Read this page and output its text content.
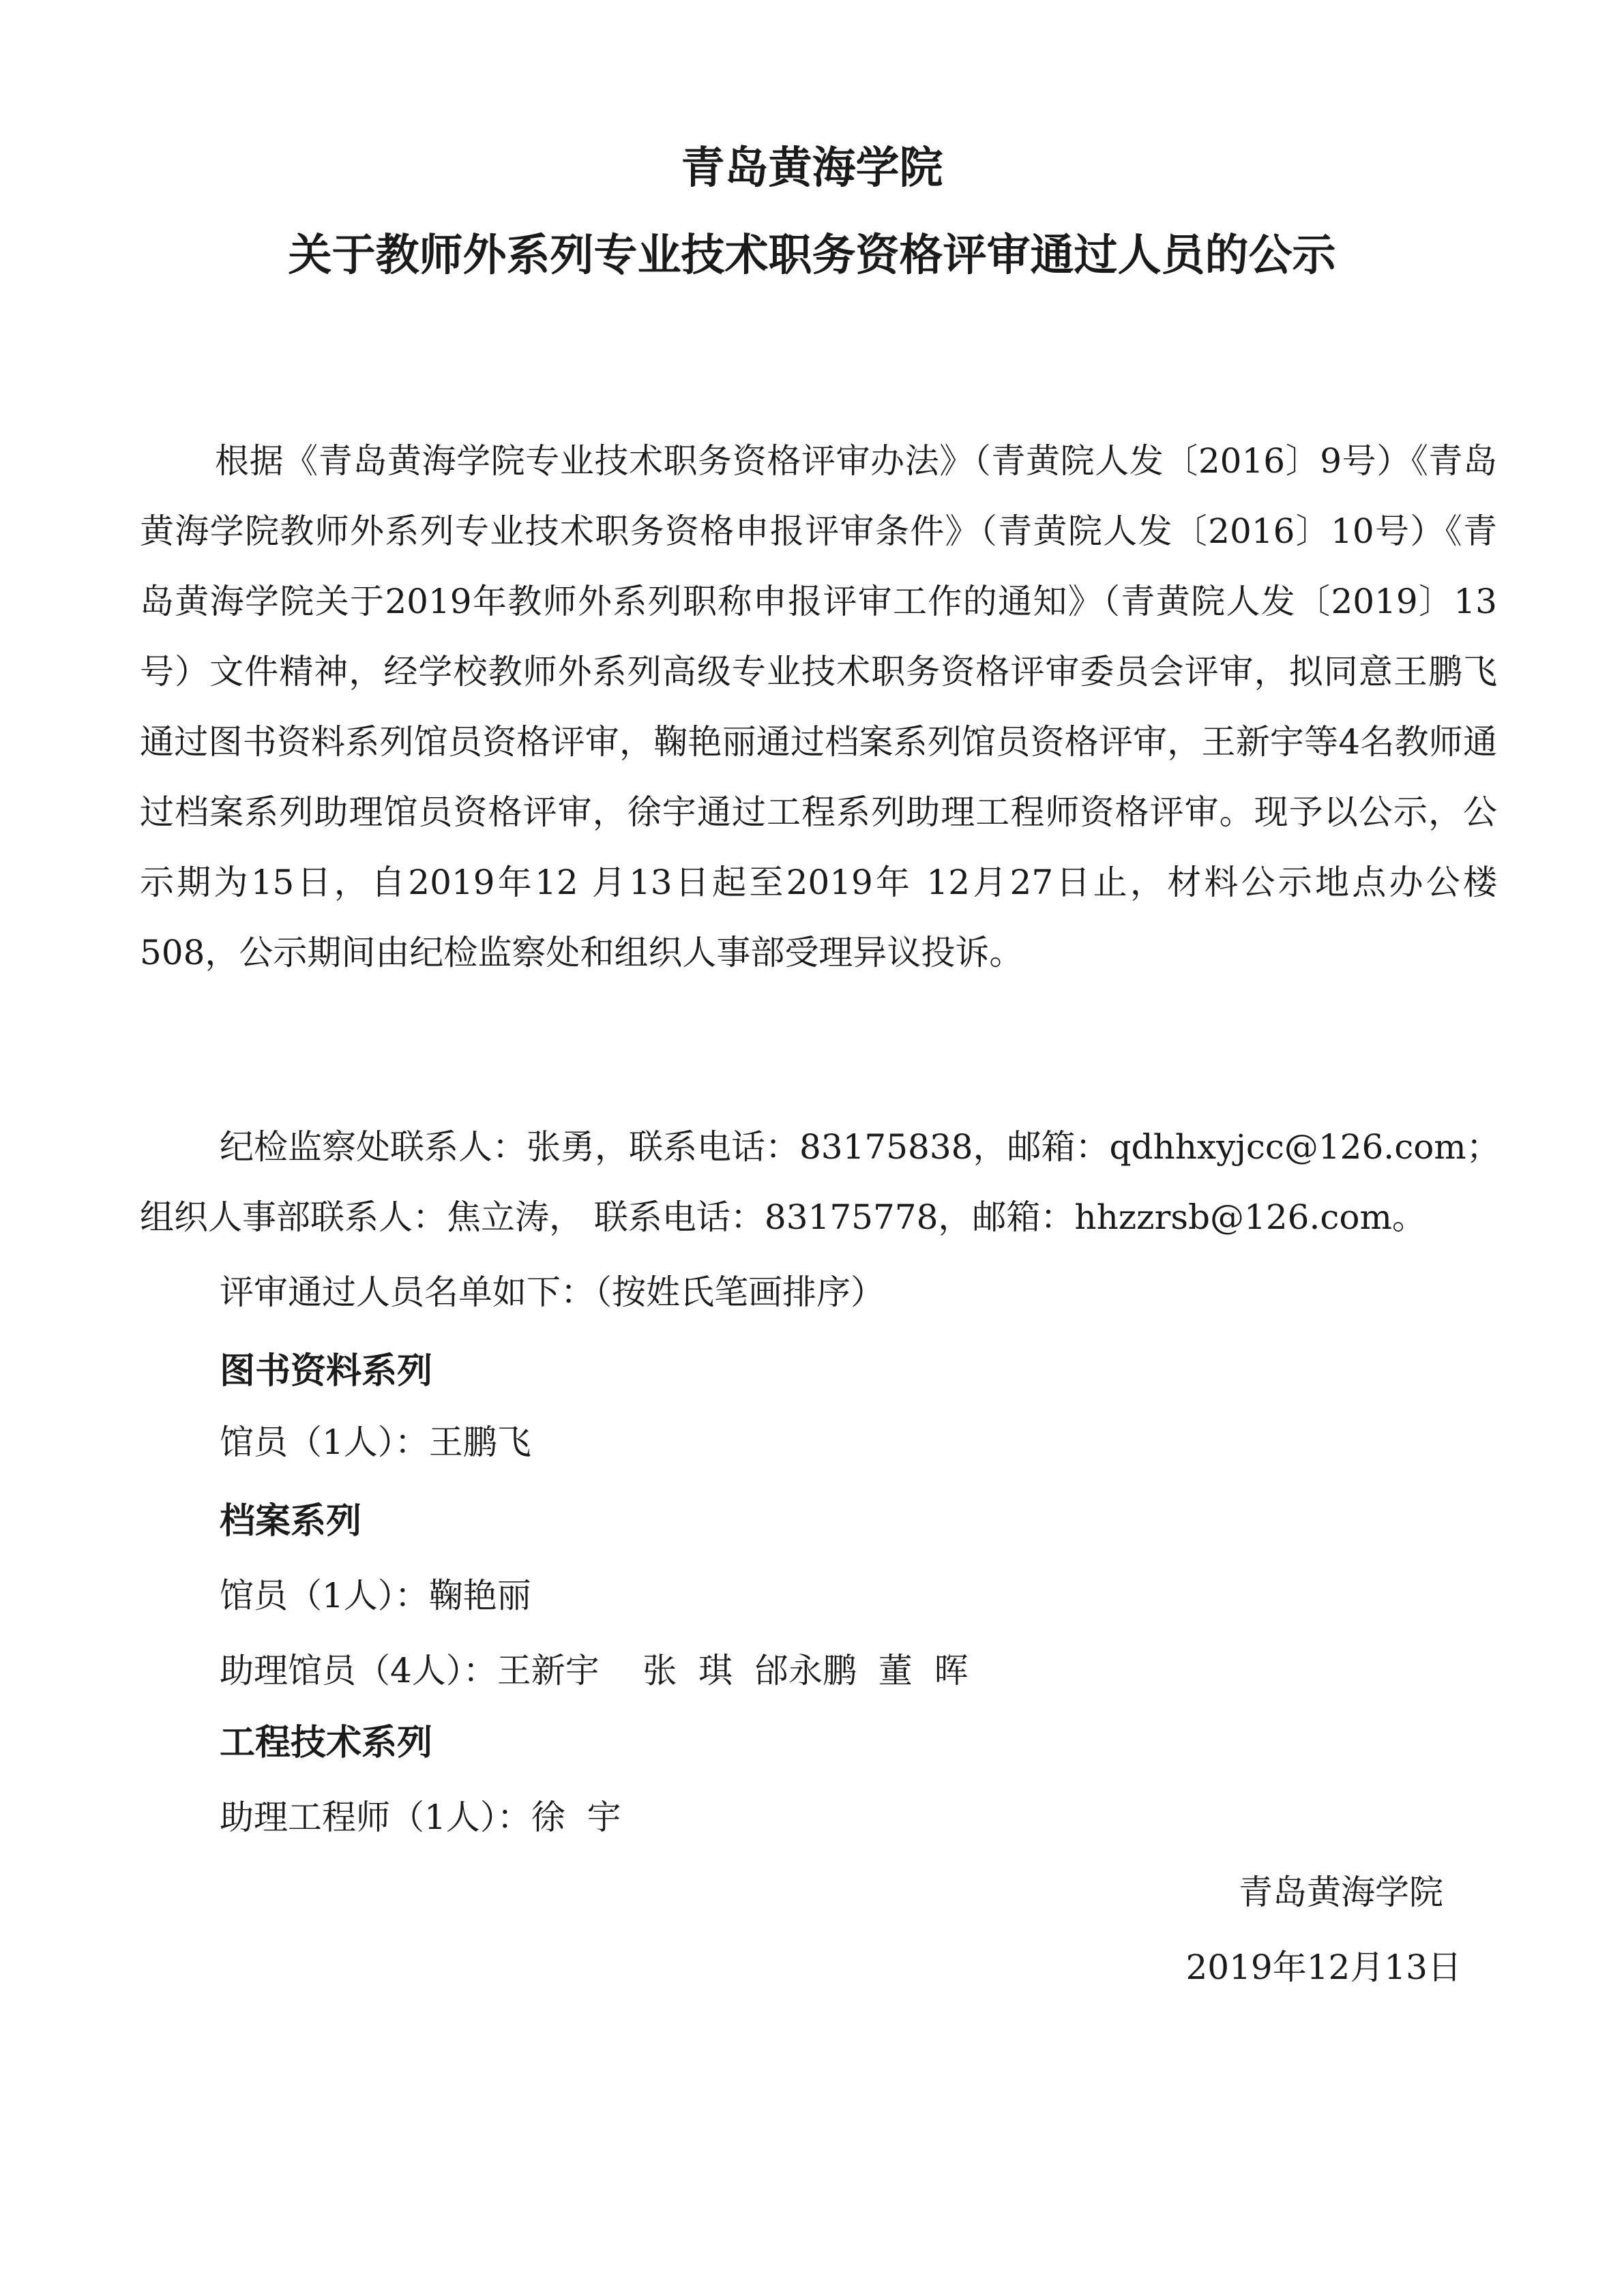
青岛黄海学院
关于教师外系列专业技术职务资格评审通过人员的公示

根据《青岛黄海学院专业技术职务资格评审办法》（青黄院人发〔2016〕9号）《青岛黄海学院教师外系列专业技术职务资格申报评审条件》（青黄院人发〔2016〕10号）《青岛黄海学院关于2019年教师外系列职称申报评审工作的通知》（青黄院人发〔2019〕13号）文件精神，经学校教师外系列高级专业技术职务资格评审委员会评审，拟同意王鹏飞通过图书资料系列馆员资格评审，鞠艳丽通过档案系列馆员资格评审，王新宇等4名教师通过档案系列助理馆员资格评审，徐宇通过工程系列助理工程师资格评审。现予以公示，公示期为15日，自2019年12 月13日起至2019年 12月27日止，材料公示地点办公楼508，公示期间由纪检监察处和组织人事部受理异议投诉。

纪检监察处联系人：张勇，联系电话：83175838，邮箱：qdhhxyjcc@126.com；
组织人事部联系人：焦立涛， 联系电话：83175778，邮箱：hhzzrsb@126.com。
评审通过人员名单如下：（按姓氏笔画排序）
图书资料系列
馆员（1人）：王鹏飞
档案系列
馆员（1人）：鞠艳丽
助理馆员（4人）：王新宇    张  琪  邰永鹏  董  晖
工程技术系列
助理工程师（1人）：徐  宇
青岛黄海学院
2019年12月13日
